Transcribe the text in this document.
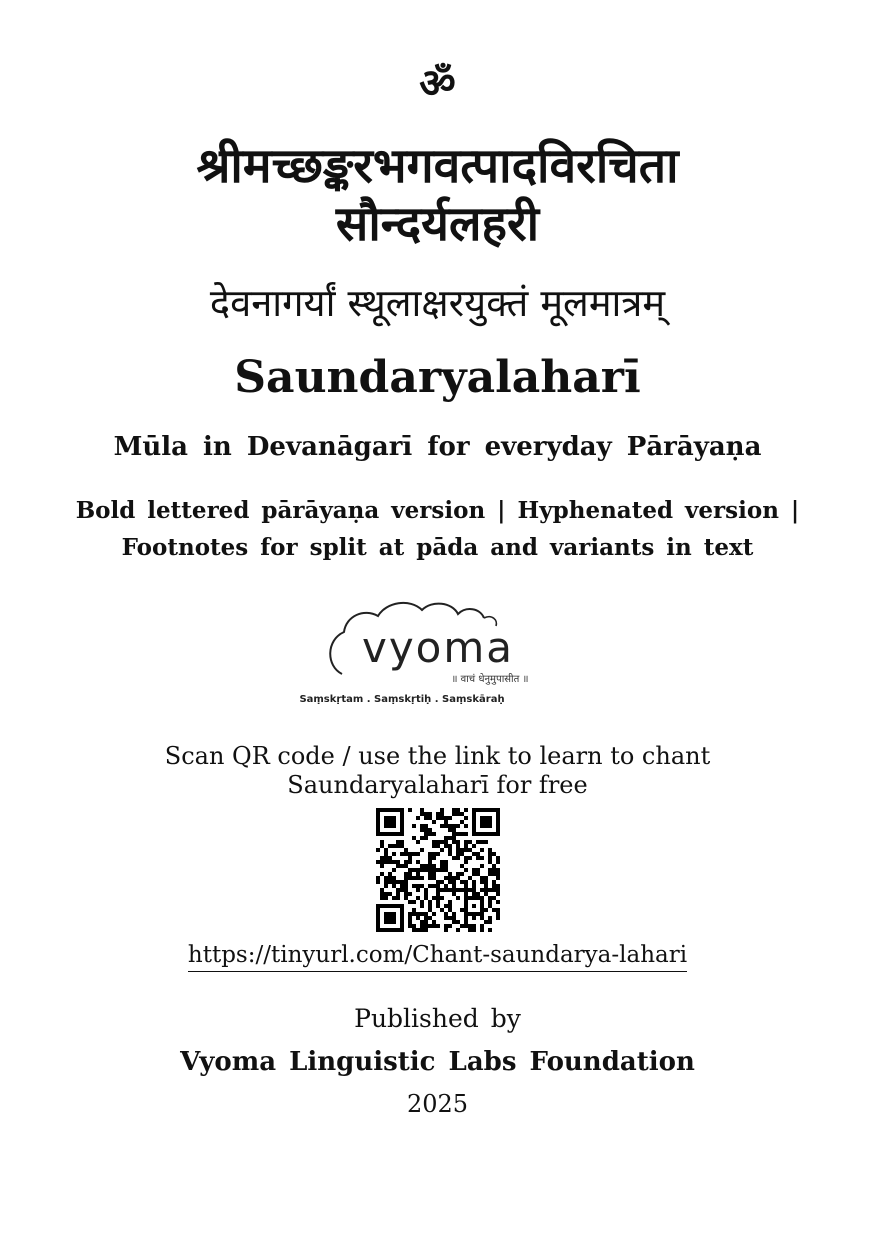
ॐ
श्रीमच्छङ्करभगवत्पादविरचिता
सौन्दर्यलहरी
देवनागर्यां स्थूलाक्षरयुक्तं मूलमात्रम्
Saundaryalaharī
Mūla in Devanāgarī for everyday Pārāyaṇa
Bold lettered pārāyaṇa version | Hyphenated version |
Footnotes for split at pāda and variants in text
vyoma
॥ वाचं धेनुमुपासीत ॥
Saṃskṛtam . Saṃskṛtiḥ . Saṃskāraḥ
Scan QR code / use the link to learn to chant
Saundaryalaharī for free
https://tinyurl.com/Chant-saundarya-lahari
Published by
Vyoma Linguistic Labs Foundation
2025
